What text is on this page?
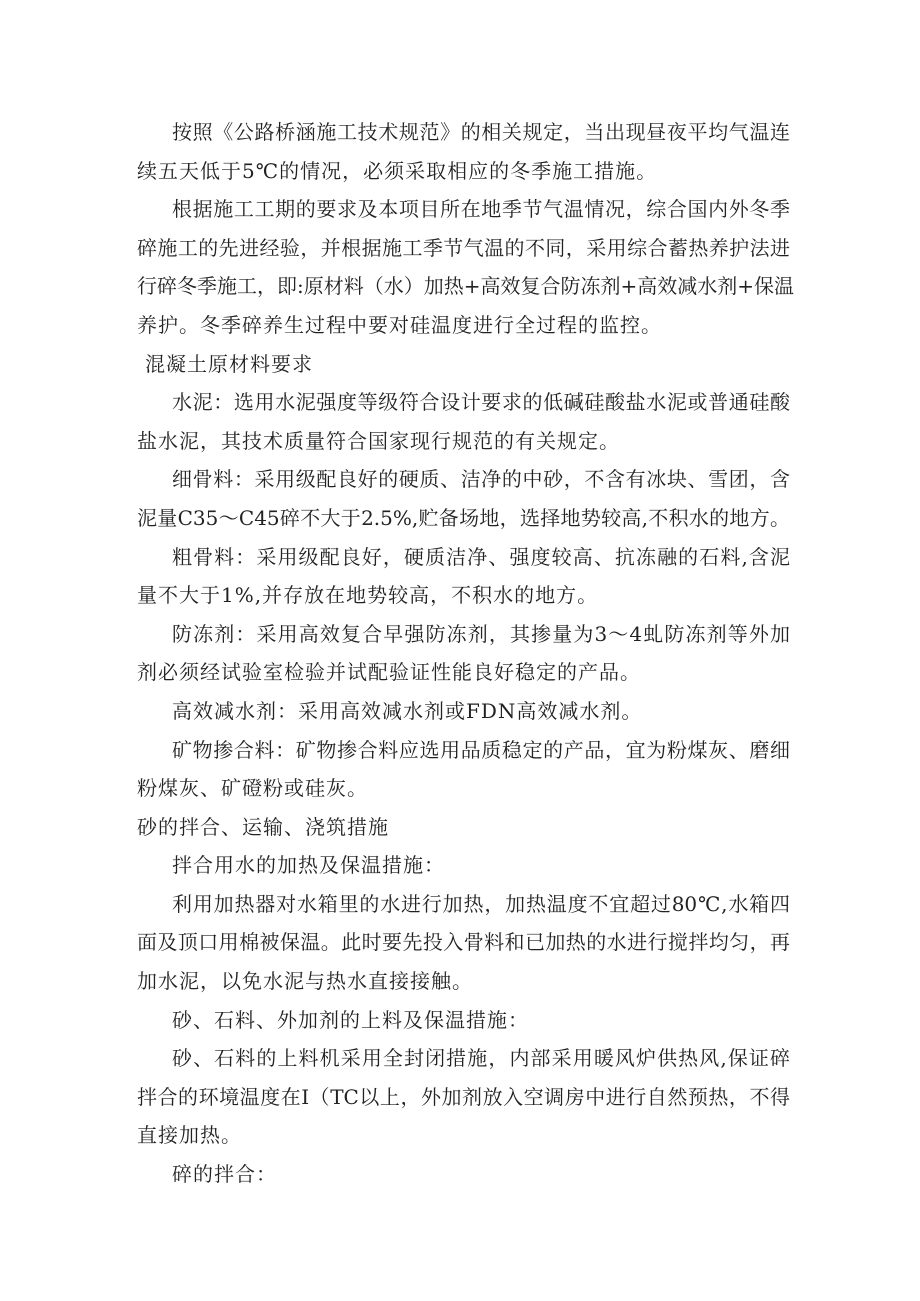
按照《公路桥涵施工技术规范》的相关规定，当出现昼夜平均气温连
续五天低于5℃的情况，必须采取相应的冬季施工措施。
根据施工工期的要求及本项目所在地季节气温情况，综合国内外冬季
碎施工的先进经验，并根据施工季节气温的不同，采用综合蓄热养护法进
行碎冬季施工，即:原材料（水）加热+高效复合防冻剂+高效减水剂+保温
养护。冬季碎养生过程中要对硅温度进行全过程的监控。
混凝土原材料要求
水泥：选用水泥强度等级符合设计要求的低碱硅酸盐水泥或普通硅酸
盐水泥，其技术质量符合国家现行规范的有关规定。
细骨料：采用级配良好的硬质、洁净的中砂，不含有冰块、雪团，含
泥量C35～C45碎不大于2.5%,贮备场地，选择地势较高,不积水的地方。
粗骨料：采用级配良好，硬质洁净、强度较高、抗冻融的石料,含泥
量不大于1%,并存放在地势较高，不积水的地方。
防冻剂：采用高效复合早强防冻剂，其掺量为3～4虬防冻剂等外加
剂必须经试验室检验并试配验证性能良好稳定的产品。
高效减水剂：采用高效减水剂或FDN高效减水剂。
矿物掺合料：矿物掺合料应选用品质稳定的产品，宜为粉煤灰、磨细
粉煤灰、矿磴粉或硅灰。
砂的拌合、运输、浇筑措施
拌合用水的加热及保温措施：
利用加热器对水箱里的水进行加热，加热温度不宜超过80℃,水箱四
面及顶口用棉被保温。此时要先投入骨料和已加热的水进行搅拌均匀，再
加水泥，以免水泥与热水直接接触。
砂、石料、外加剂的上料及保温措施：
砂、石料的上料机采用全封闭措施，内部采用暖风炉供热风,保证碎
拌合的环境温度在I（TC以上，外加剂放入空调房中进行自然预热，不得
直接加热。
碎的拌合：
